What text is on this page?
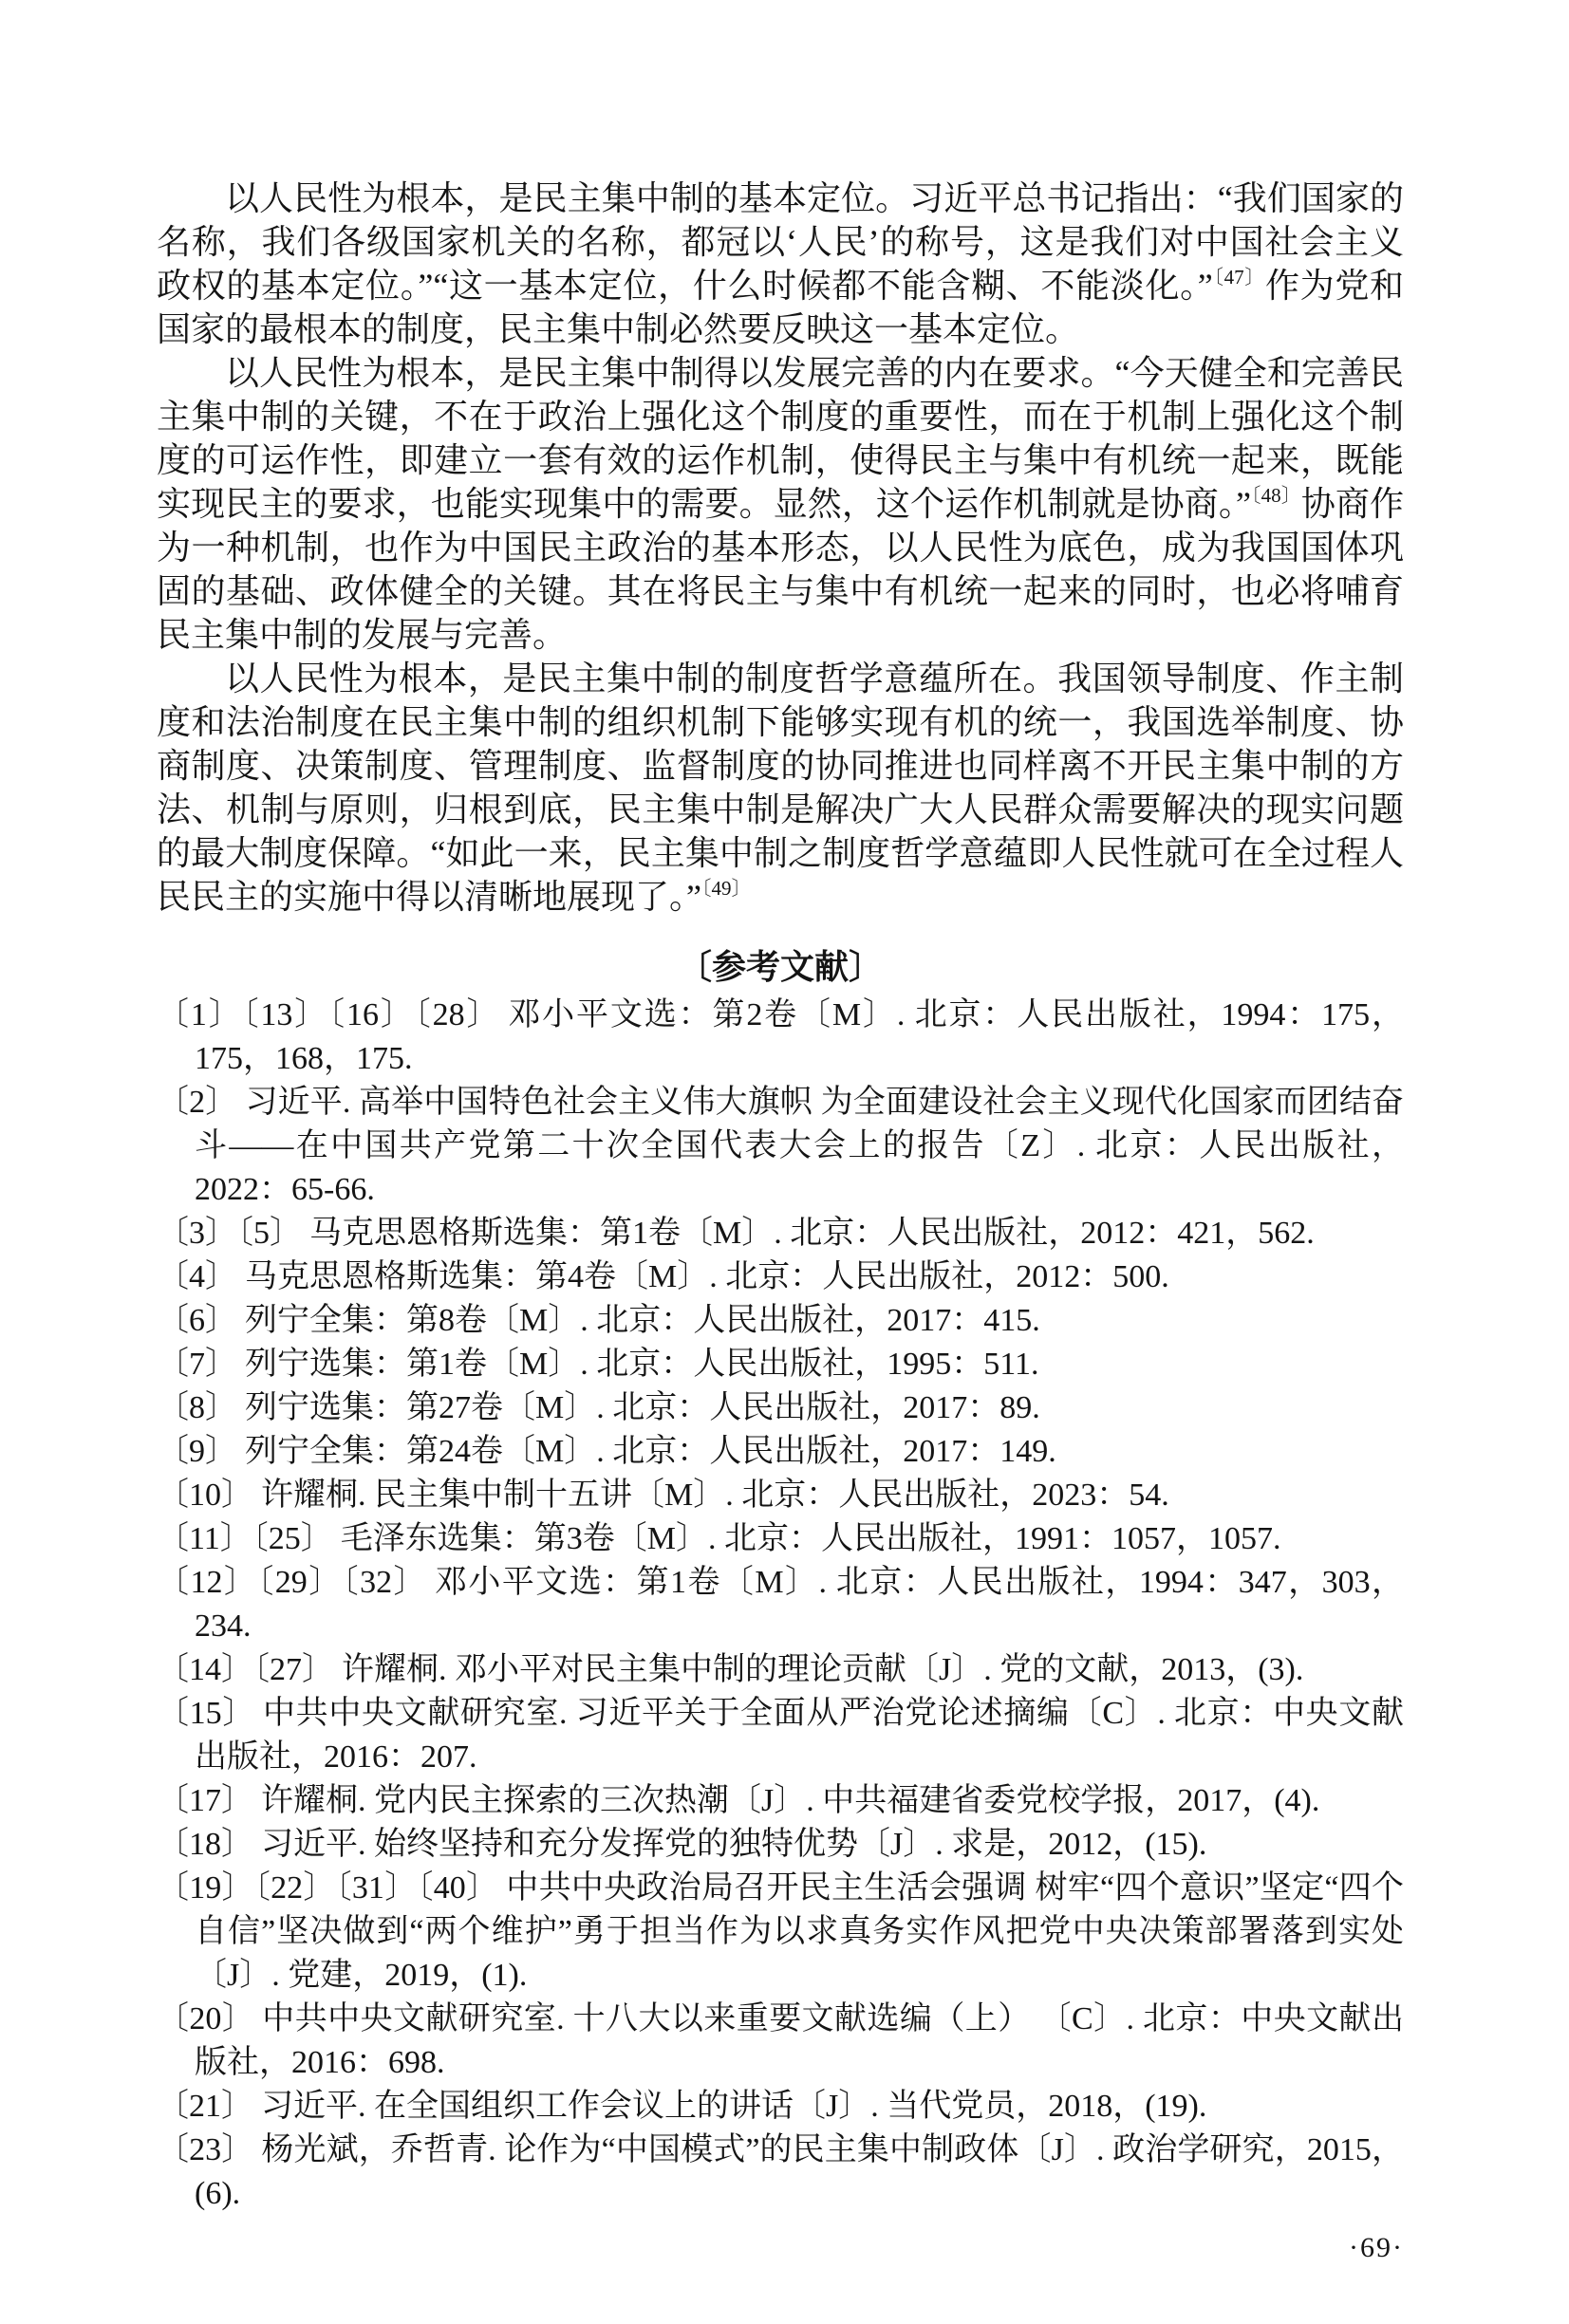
以人民性为根本，是民主集中制的基本定位。习近平总书记指出：“我们国家的名称，我们各级国家机关的名称，都冠以‘人民’的称号，这是我们对中国社会主义政权的基本定位。”“这一基本定位，什么时候都不能含糊、不能淡化。”$^{〔47〕}$作为党和国家的最根本的制度，民主集中制必然要反映这一基本定位。

以人民性为根本，是民主集中制得以发展完善的内在要求。“今天健全和完善民主集中制的关键，不在于政治上强化这个制度的重要性，而在于机制上强化这个制度的可运作性，即建立一套有效的运作机制，使得民主与集中有机统一起来，既能实现民主的要求，也能实现集中的需要。显然，这个运作机制就是协商。”$^{〔48〕}$协商作为一种机制，也作为中国民主政治的基本形态，以人民性为底色，成为我国国体巩固的基础、政体健全的关键。其在将民主与集中有机统一起来的同时，也必将哺育民主集中制的发展与完善。

以人民性为根本，是民主集中制的制度哲学意蕴所在。我国领导制度、作主制度和法治制度在民主集中制的组织机制下能够实现有机的统一，我国选举制度、协商制度、决策制度、管理制度、监督制度的协同推进也同样离不开民主集中制的方法、机制与原则，归根到底，民主集中制是解决广大人民群众需要解决的现实问题的最大制度保障。“如此一来，民主集中制之制度哲学意蕴即人民性就可在全过程人民民主的实施中得以清晰地展现了。”$^{〔49〕}$

〔参考文献〕
〔1〕〔13〕〔16〕〔28〕 邓小平文选：第2卷〔M〕. 北京：人民出版社，1994：175，175，168，175.
〔2〕 习近平. 高举中国特色社会主义伟大旗帜 为全面建设社会主义现代化国家而团结奋斗——在中国共产党第二十次全国代表大会上的报告〔Z〕. 北京：人民出版社，2022：65-66.
〔3〕〔5〕 马克思恩格斯选集：第1卷〔M〕. 北京：人民出版社，2012：421，562.
〔4〕 马克思恩格斯选集：第4卷〔M〕. 北京：人民出版社，2012：500.
〔6〕 列宁全集：第8卷〔M〕. 北京：人民出版社，2017：415.
〔7〕 列宁选集：第1卷〔M〕. 北京：人民出版社，1995：511.
〔8〕 列宁选集：第27卷〔M〕. 北京：人民出版社，2017：89.
〔9〕 列宁全集：第24卷〔M〕. 北京：人民出版社，2017：149.
〔10〕 许耀桐. 民主集中制十五讲〔M〕. 北京：人民出版社，2023：54.
〔11〕〔25〕 毛泽东选集：第3卷〔M〕. 北京：人民出版社，1991：1057，1057.
〔12〕〔29〕〔32〕 邓小平文选：第1卷〔M〕. 北京：人民出版社，1994：347，303，234.
〔14〕〔27〕 许耀桐. 邓小平对民主集中制的理论贡献〔J〕. 党的文献，2013，(3).
〔15〕 中共中央文献研究室. 习近平关于全面从严治党论述摘编〔C〕. 北京：中央文献出版社，2016：207.
〔17〕 许耀桐. 党内民主探索的三次热潮〔J〕. 中共福建省委党校学报，2017，(4).
〔18〕 习近平. 始终坚持和充分发挥党的独特优势〔J〕. 求是，2012，(15).
〔19〕〔22〕〔31〕〔40〕 中共中央政治局召开民主生活会强调 树牢“四个意识”坚定“四个自信”坚决做到“两个维护”勇于担当作为以求真务实作风把党中央决策部署落到实处〔J〕. 党建，2019，(1).
〔20〕 中共中央文献研究室. 十八大以来重要文献选编（上） 〔C〕. 北京：中央文献出版社，2016：698.
〔21〕 习近平. 在全国组织工作会议上的讲话〔J〕. 当代党员，2018，(19).
〔23〕 杨光斌，乔哲青. 论作为“中国模式”的民主集中制政体〔J〕. 政治学研究，2015，(6).
·69·
